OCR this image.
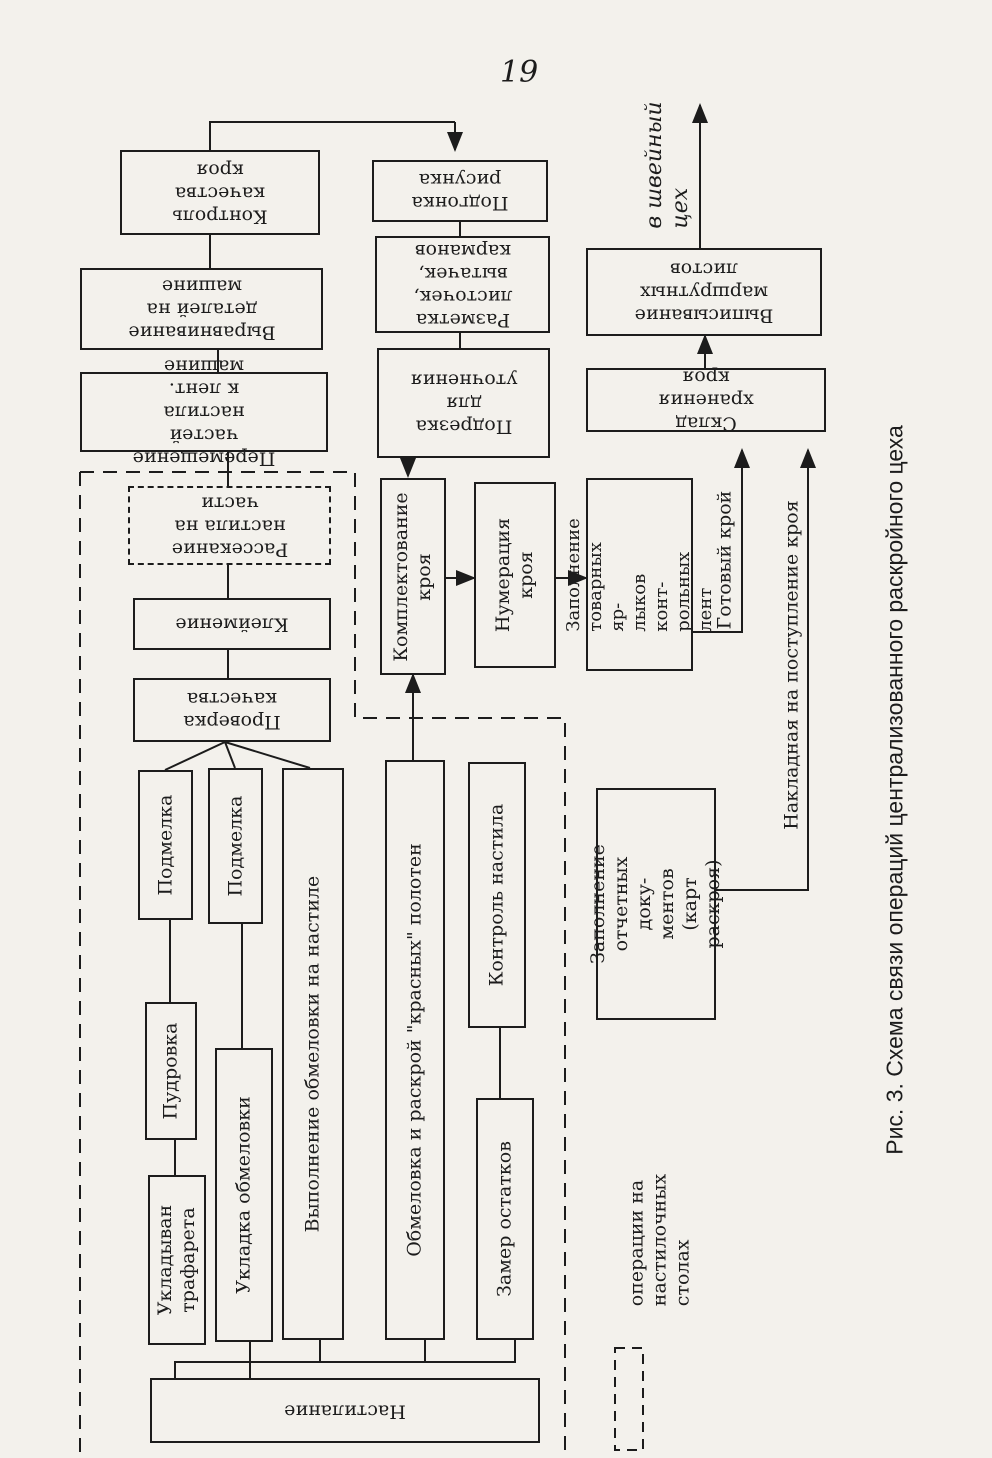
19
Настилание
Укладыван
трафарета
Пудровка
Подмелка
Укладка обмеловки
Подмелка
Выполнение обмеловки на настиле	Обмеловка и раскрой "красных" полотен	Замер остатков
Контроль настила
Проверка
качества
Клеймение
Рассекание
настила на
части
Перемещение
частей настила
к лент. машине
Выравнивание
деталей на
машине
Контроль
качества
кроя
Комплектование
кроя	Нумерация
кроя
Подрезка
для
уточнения
Разметка
листочек,
вытачек,
карманов
Подгонка
рисунка
Заполнение
товарных яр-
лыков конт-
рольных лент
Склад хранения
кроя
Выписывание
маршрутных
листов
Заполнение
отчетных доку-
ментов
(карт раскроя)
Готовый крой Накладная на поступление кроя
в швейный
цех
операции на
настилочных
столах
Рис. 3. Схема связи операций централизованного раскройного цеха
